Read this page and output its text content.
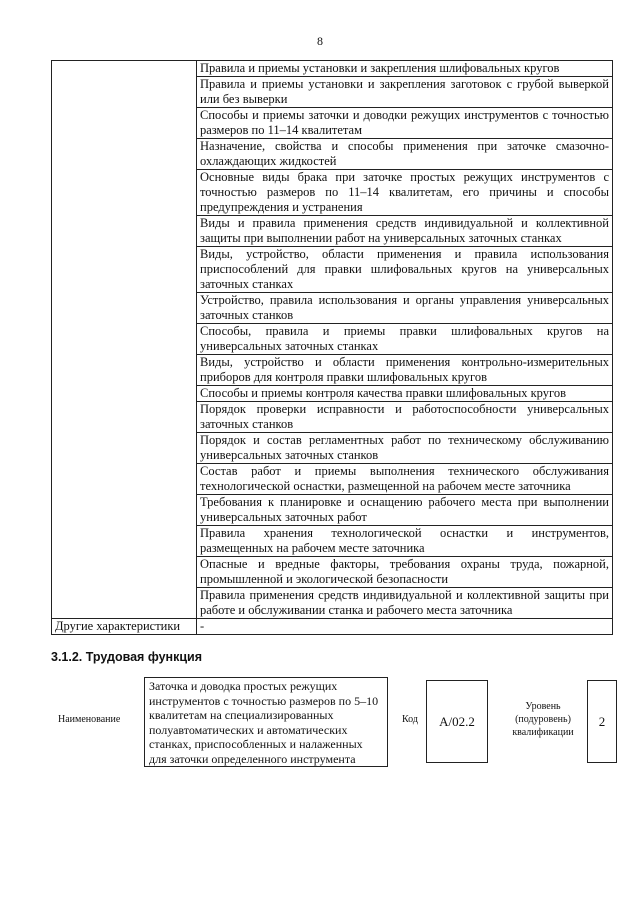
8
	Правила и приемы установки и закрепления шлифовальных кругов
	Правила и приемы установки и закрепления заготовок с грубой выверкой или без выверки
	Способы и приемы заточки и доводки режущих инструментов с точностью размеров по 11–14 квалитетам
	Назначение, свойства и способы применения при заточке смазочно-охлаждающих жидкостей
	Основные виды брака при заточке простых режущих инструментов с точностью размеров по 11–14 квалитетам, его причины и способы предупреждения и устранения
	Виды и правила применения средств индивидуальной и коллективной защиты при выполнении работ на универсальных заточных станках
	Виды, устройство, области применения и правила использования приспособлений для правки шлифовальных кругов на универсальных заточных станках
	Устройство, правила использования и органы управления универсальных заточных станков
	Способы, правила и приемы правки шлифовальных кругов на универсальных заточных станках
	Виды, устройство и области применения контрольно-измерительных приборов для контроля правки шлифовальных кругов
	Способы и приемы контроля качества правки шлифовальных кругов
	Порядок проверки исправности и работоспособности универсальных заточных станков
	Порядок и состав регламентных работ по техническому обслуживанию универсальных заточных станков
	Состав работ и приемы выполнения технического обслуживания технологической оснастки, размещенной на рабочем месте заточника
	Требования к планировке и оснащению рабочего места при выполнении универсальных заточных работ
	Правила хранения технологической оснастки и инструментов, размещенных на рабочем месте заточника
	Опасные и вредные факторы, требования охраны труда, пожарной, промышленной и экологической безопасности
	Правила применения средств индивидуальной и коллективной защиты при работе и обслуживании станка и рабочего места заточника
Другие характеристики	-
3.1.2. Трудовая функция
Наименование
Заточка и доводка простых режущих инструментов с точностью размеров по 5–10 квалитетам на специализированных полуавтоматических и автоматических станках, приспособленных и налаженных для заточки определенного инструмента
Код	A/02.2
Уровень (подуровень) квалификации
2
